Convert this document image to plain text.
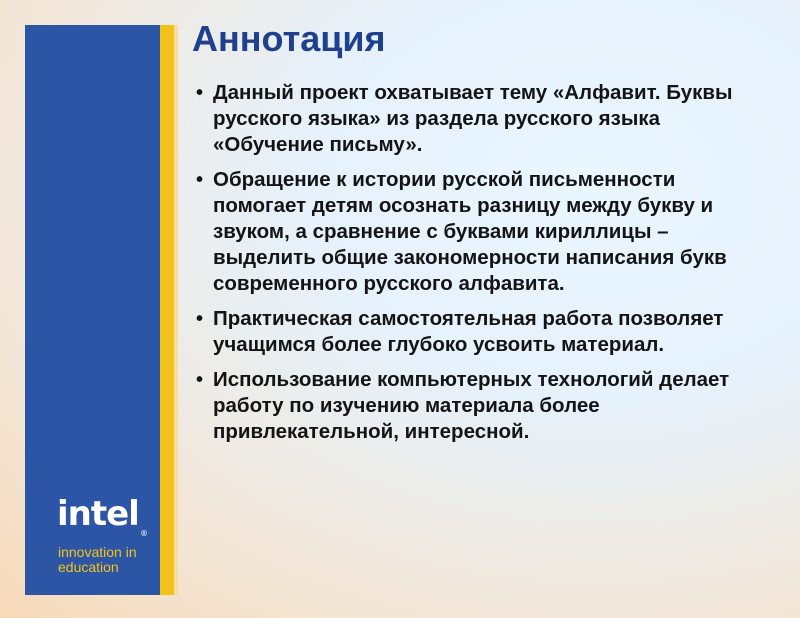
intel ®
innovation in
education
Аннотация
• Данный проект охватывает тему «Алфавит. Буквы русского языка» из раздела русского языка «Обучение письму».
• Обращение к истории русской письменности помогает детям осознать разницу между букву и звуком, а сравнение с буквами кириллицы – выделить общие закономерности написания букв современного русского алфавита.
• Практическая самостоятельная работа позволяет учащимся более глубоко усвоить материал.
• Использование компьютерных технологий делает работу по изучению материала более привлекательной, интересной.
